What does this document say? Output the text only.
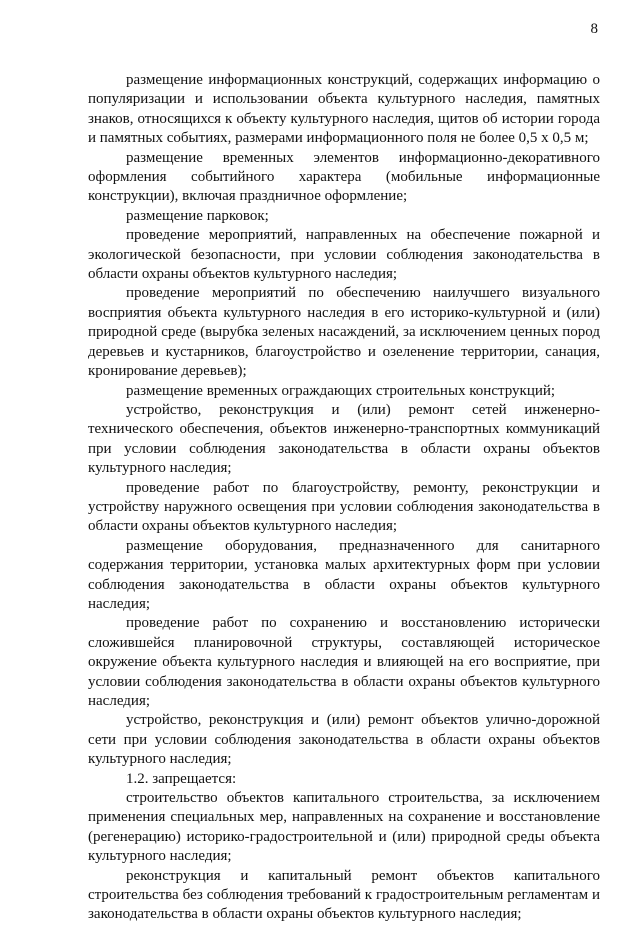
8

размещение информационных конструкций, содержащих информацию о популяризации и использовании объекта культурного наследия, памятных знаков, относящихся к объекту культурного наследия, щитов об истории города и памятных событиях, размерами информационного поля не более 0,5 х 0,5 м;

размещение временных элементов информационно-декоративного оформления событийного характера (мобильные информационные конструкции), включая праздничное оформление;

размещение парковок;

проведение мероприятий, направленных на обеспечение пожарной и экологической безопасности, при условии соблюдения законодательства в области охраны объектов культурного наследия;

проведение мероприятий по обеспечению наилучшего визуального восприятия объекта культурного наследия в его историко-культурной и (или) природной среде (вырубка зеленых насаждений, за исключением ценных пород деревьев и кустарников, благоустройство и озеленение территории, санация, кронирование деревьев);

размещение временных ограждающих строительных конструкций;

устройство, реконструкция и (или) ремонт сетей инженерно-технического обеспечения, объектов инженерно-транспортных коммуникаций при условии соблюдения законодательства в области охраны объектов культурного наследия;

проведение работ по благоустройству, ремонту, реконструкции и устройству наружного освещения при условии соблюдения законодательства в области охраны объектов культурного наследия;

размещение оборудования, предназначенного для санитарного содержания территории, установка малых архитектурных форм при условии соблюдения законодательства в области охраны объектов культурного наследия;

проведение работ по сохранению и восстановлению исторически сложившейся планировочной структуры, составляющей историческое окружение объекта культурного наследия и влияющей на его восприятие, при условии соблюдения законодательства в области охраны объектов культурного наследия;

устройство, реконструкция и (или) ремонт объектов улично-дорожной сети при условии соблюдения законодательства в области охраны объектов культурного наследия;

1.2. запрещается:

строительство объектов капитального строительства, за исключением применения специальных мер, направленных на сохранение и восстановление (регенерацию) историко-градостроительной и (или) природной среды объекта культурного наследия;

реконструкция и капитальный ремонт объектов капитального строительства без соблюдения требований к градостроительным регламентам и законодательства в области охраны объектов культурного наследия;
